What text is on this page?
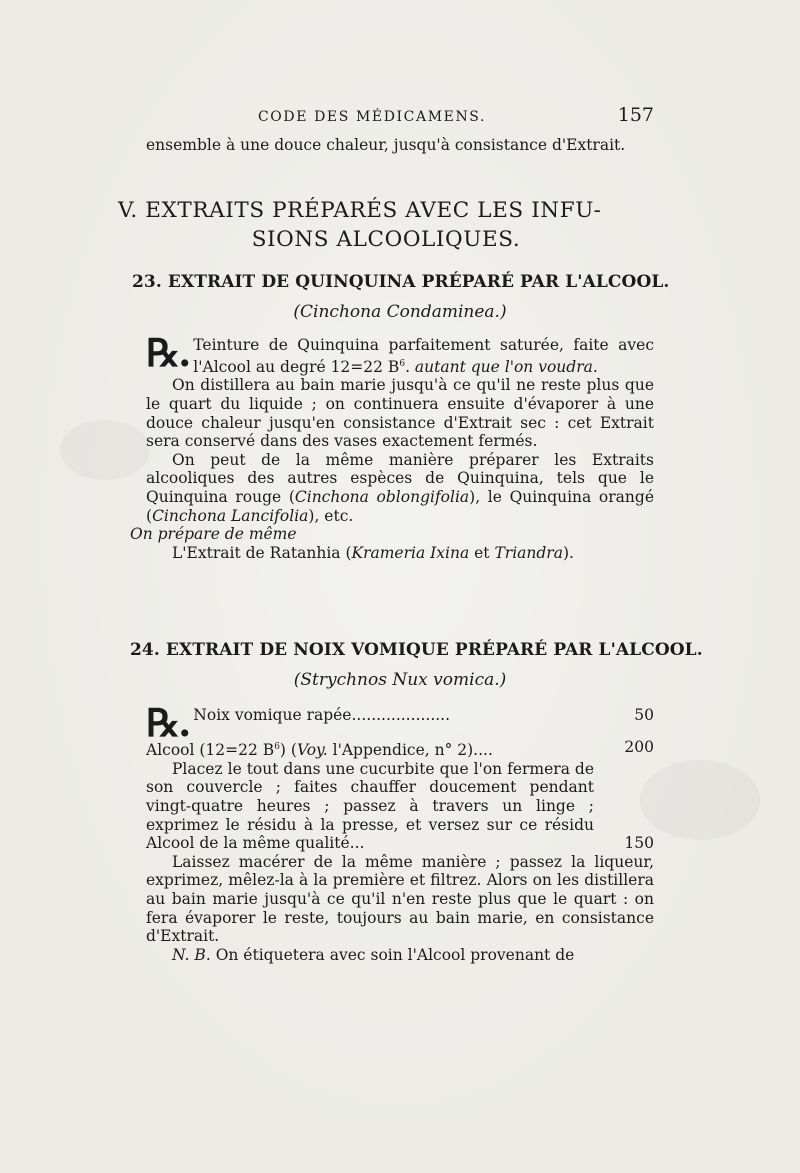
CODE DES MÉDICAMENS.	157

ensemble à une douce chaleur, jusqu'à consistance d'Extrait.

V. EXTRAITS PRÉPARÉS AVEC LES INFU-
SIONS ALCOOLIQUES.
23. EXTRAIT DE QUINQUINA PRÉPARÉ PAR L'ALCOOL.
(Cinchona Condaminea.)

℞. Teinture de Quinquina parfaitement saturée, faite avec l'Alcool au degré 12=22 $B^6$. autant que l'on voudra.

On distillera au bain marie jusqu'à ce qu'il ne reste plus que le quart du liquide ; on continuera ensuite d'évaporer à une douce chaleur jusqu'en consistance d'Extrait sec : cet Extrait sera conservé dans des vases exactement fermés.

On peut de la même manière préparer les Extraits alcooliques des autres espèces de Quinquina, tels que le Quinquina rouge (Cinchona oblongifolia), le Quinquina orangé (Cinchona Lancifolia), etc.

On prépare de même

L'Extrait de Ratanhia (Krameria Ixina et Triandra).

24. EXTRAIT DE NOIX VOMIQUE PRÉPARÉ PAR L'ALCOOL.
(Strychnos Nux vomica.)
℞. Noix vomique rapée....................	50
Alcool (12=22 $B^6$) (Voy. l'Appendice, n° 2)....	200

Placez le tout dans une cucurbite que l'on fermera de son couvercle ; faites chauffer doucement pendant vingt-quatre heures ; passez à travers un linge ; exprimez le résidu à la presse, et versez sur ce résidu Alcool de la même qualité...	150

Laissez macérer de la même manière ; passez la liqueur, exprimez, mêlez-la à la première et filtrez. Alors on les distillera au bain marie jusqu'à ce qu'il n'en reste plus que le quart : on fera évaporer le reste, toujours au bain marie, en consistance d'Extrait.

N. B. On étiquetera avec soin l'Alcool provenant de
